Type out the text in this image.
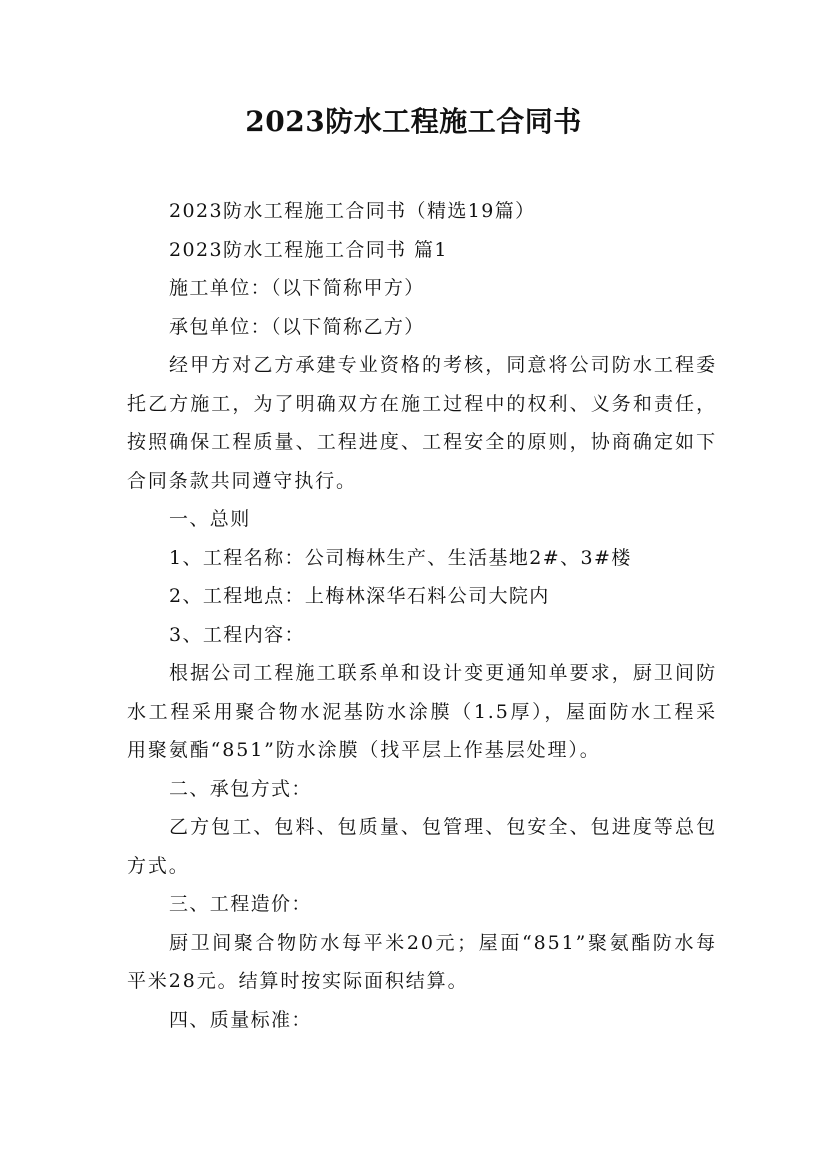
2023防水工程施工合同书

2023防水工程施工合同书（精选19篇）

2023防水工程施工合同书 篇1

施工单位：（以下简称甲方）

承包单位：（以下简称乙方）

经甲方对乙方承建专业资格的考核，同意将公司防水工程委托乙方施工，为了明确双方在施工过程中的权利、义务和责任，按照确保工程质量、工程进度、工程安全的原则，协商确定如下合同条款共同遵守执行。

一、总则

1、工程名称：公司梅林生产、生活基地2#、3#楼

2、工程地点：上梅林深华石料公司大院内

3、工程内容：

根据公司工程施工联系单和设计变更通知单要求，厨卫间防水工程采用聚合物水泥基防水涂膜（1.5厚），屋面防水工程采用聚氨酯“851”防水涂膜（找平层上作基层处理）。

二、承包方式：

乙方包工、包料、包质量、包管理、包安全、包进度等总包方式。

三、工程造价：

厨卫间聚合物防水每平米20元；屋面“851”聚氨酯防水每平米28元。结算时按实际面积结算。

四、质量标准：
